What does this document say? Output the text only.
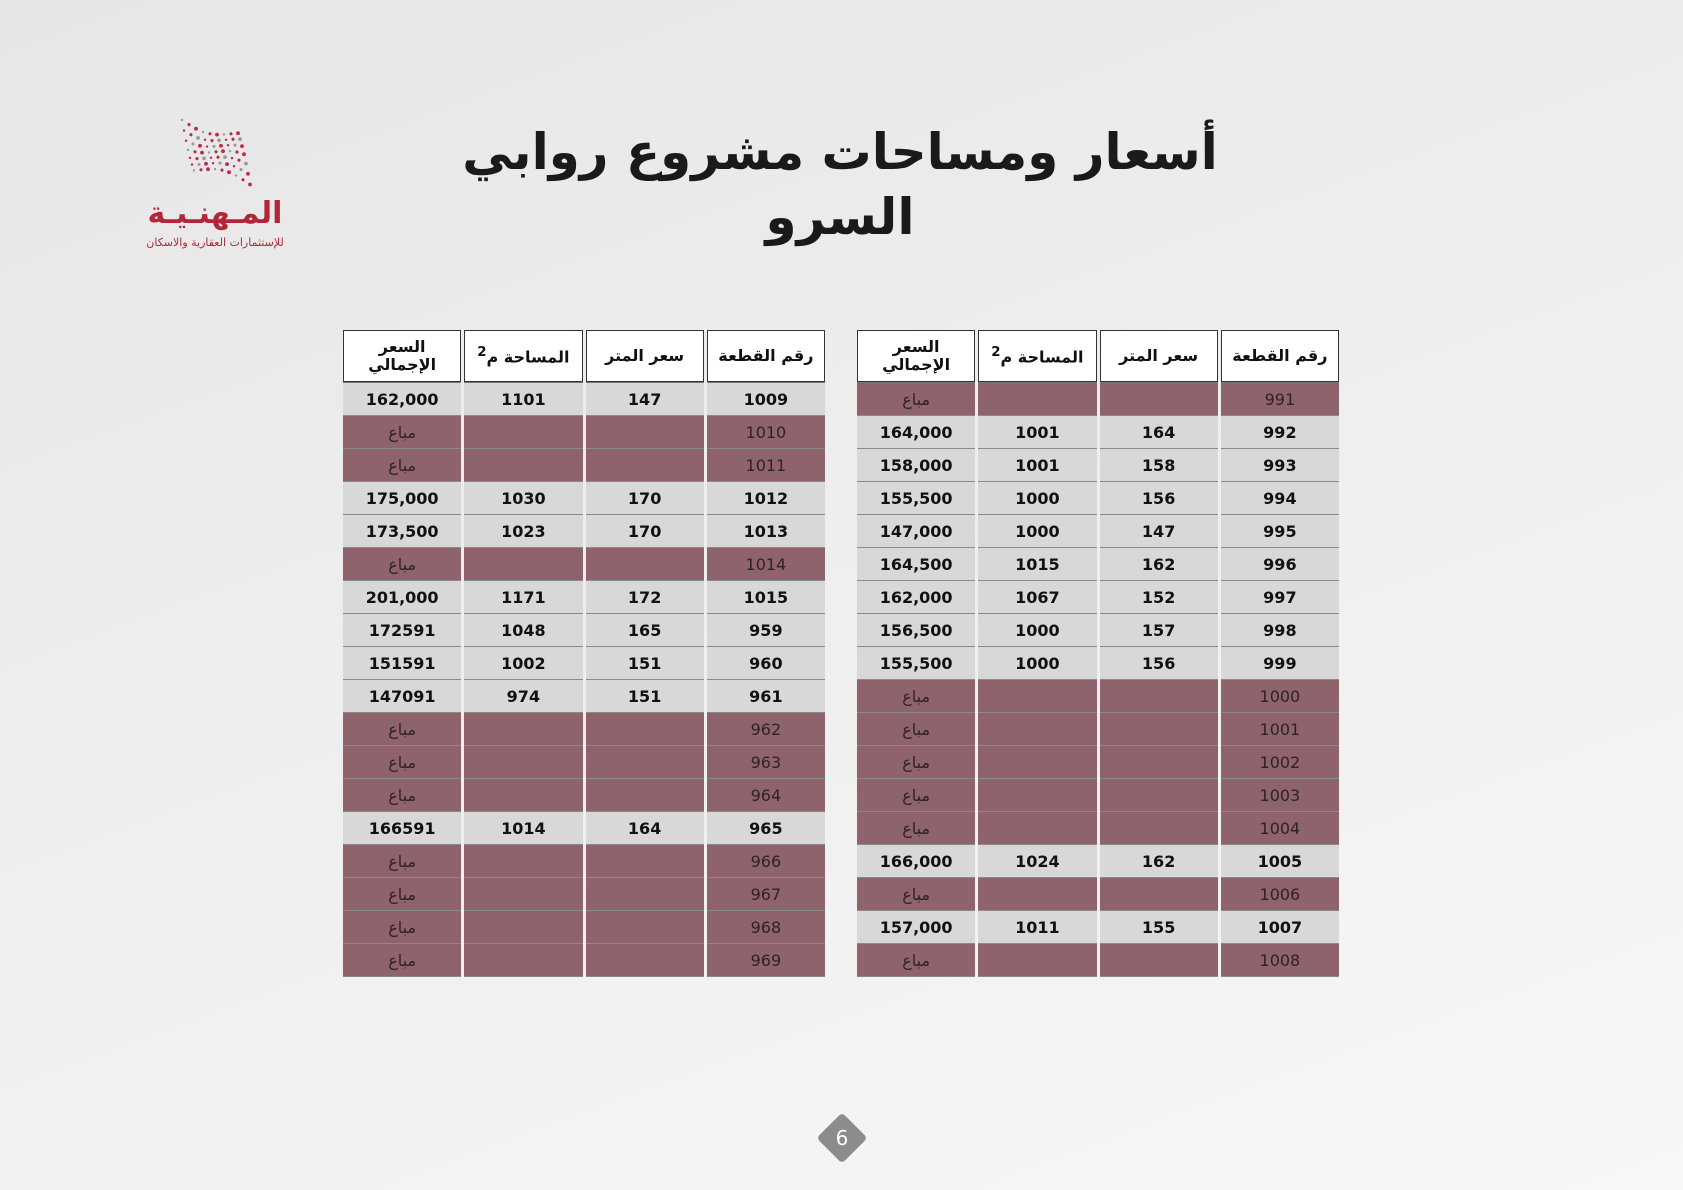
المـهنـيـة
للإستثمارات العقارية والاسكان
أسعار ومساحات مشروع روابي السرو
رقم القطعة	سعر المتر	المساحة م$^2$	السعر
الإجمالي
991			مباع
992	164	1001	164,000
993	158	1001	158,000
994	156	1000	155,500
995	147	1000	147,000
996	162	1015	164,500
997	152	1067	162,000
998	157	1000	156,500
999	156	1000	155,500
1000			مباع
1001			مباع
1002			مباع
1003			مباع
1004			مباع
1005	162	1024	166,000
1006			مباع
1007	155	1011	157,000
1008			مباع
رقم القطعة	سعر المتر	المساحة م$^2$	السعر
الإجمالي
1009	147	1101	162,000
1010			مباع
1011			مباع
1012	170	1030	175,000
1013	170	1023	173,500
1014			مباع
1015	172	1171	201,000
959	165	1048	172591
960	151	1002	151591
961	151	974	147091
962			مباع
963			مباع
964			مباع
965	164	1014	166591
966			مباع
967			مباع
968			مباع
969			مباع
6
